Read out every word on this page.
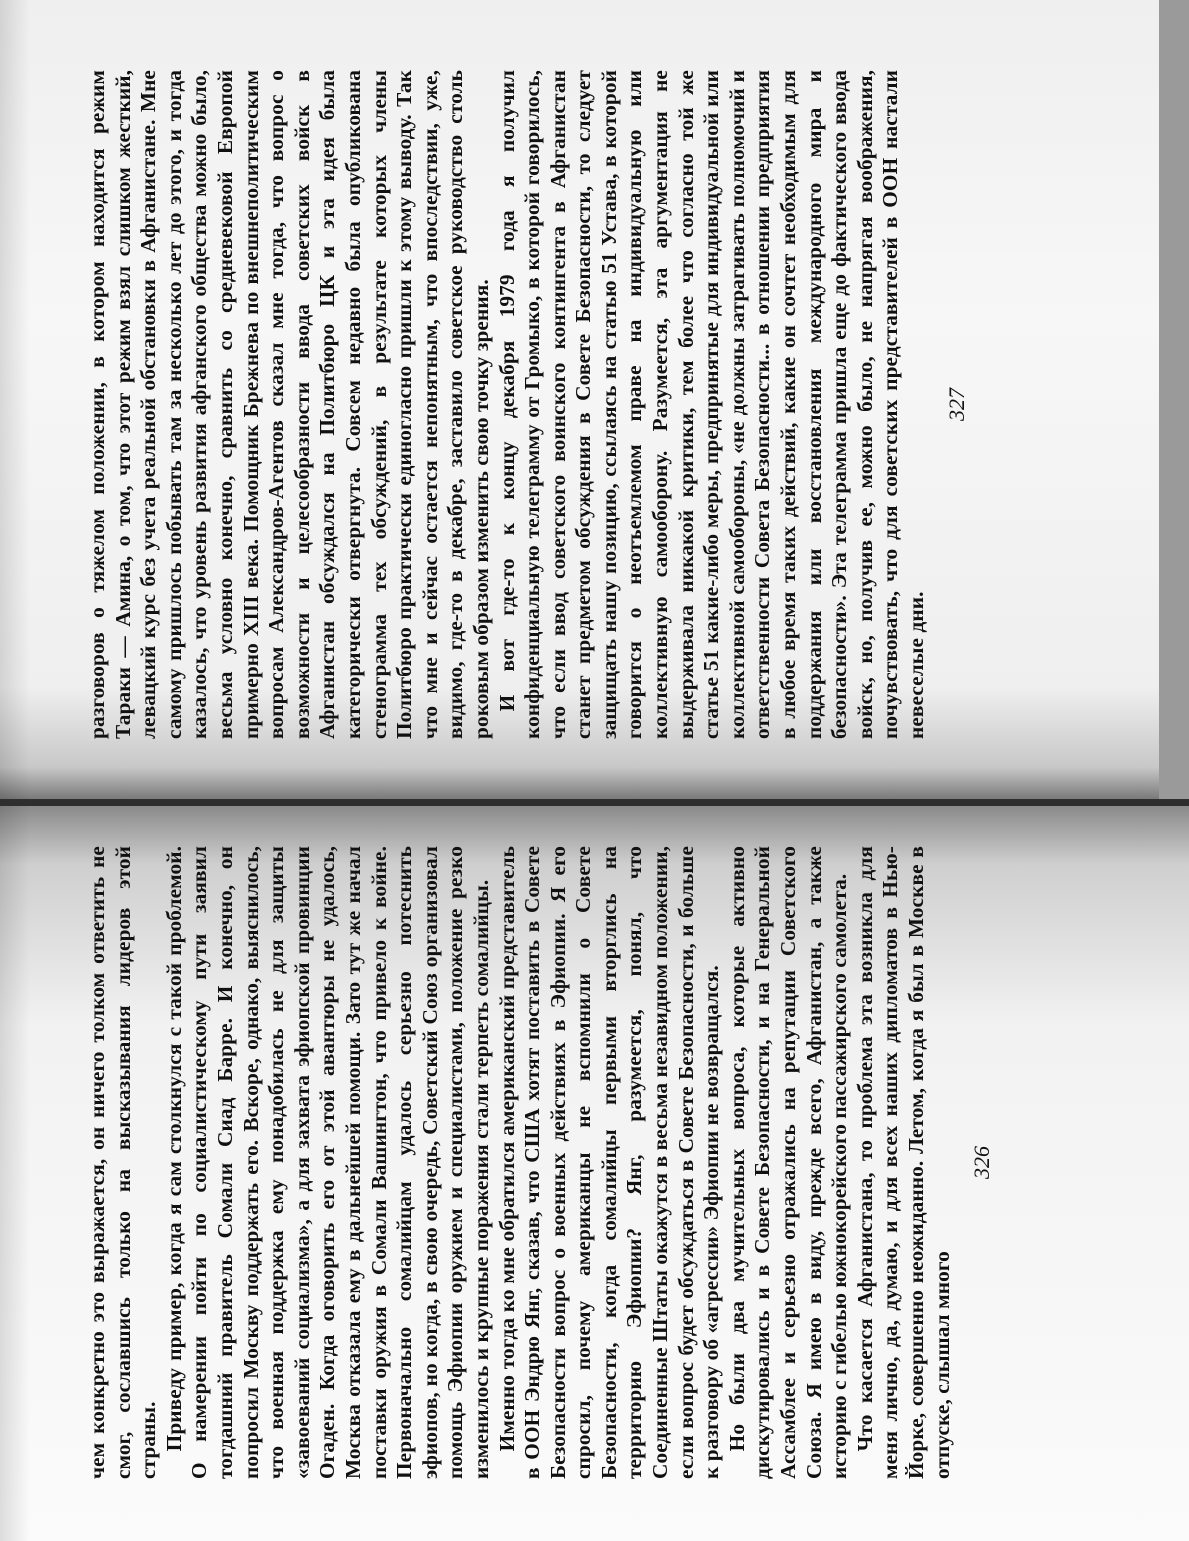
чем конкретно это выражается, он ничего толком ответить не смог, сославшись только на высказывания лидеров этой страны. Приведу пример, когда я сам столкнулся с такой проблемой. О намерении пойти по социалистическому пути заявил тогдашний правитель Сомали Сиад Барре. И конечно, он попросил Москву поддержать его. Вскоре, однако, выяснилось, что военная поддержка ему понадобилась не для защиты «завоеваний социализма», а для захвата эфиопской провинции Огаден. Когда оговорить его от этой авантюры не удалось, Москва отказала ему в дальнейшей помощи. Зато тут же начал поставки оружия в Сомали Вашингтон, что привело к войне. Первоначально сомалийцам удалось серьезно потеснить эфиопов, но когда, в свою очередь, Советский Союз организовал помощь Эфиопии оружием и специалистами, положение резко изменилось и крупные поражения стали терпеть сомалийцы. Именно тогда ко мне обратился американский представитель в ООН Эндрю Янг, сказав, что США хотят поставить в Совете Безопасности вопрос о военных действиях в Эфиопии. Я его спросил, почему американцы не вспомнили о Совете Безопасности, когда сомалийцы первыми вторглись на территорию Эфиопии? Янг, разумеется, понял, что Соединенные Штаты окажутся в весьма незавидном положении, если вопрос будет обсуждаться в Совете Безопасности, и больше к разговору об «агрессии» Эфиопии не возвращался. Но были два мучительных вопроса, которые активно дискутировались и в Совете Безопасности, и на Генеральной Ассамблее и серьезно отражались на репутации Советского Союза. Я имею в виду, прежде всего, Афганистан, а также историю с гибелью южнокорейского пассажирского самолета. Что касается Афганистана, то проблема эта возникла для меня лично, да, думаю, и для всех наших дипломатов в Нью-Йорке, совершенно неожиданно. Летом, когда я был в Москве в отпуске, слышал много

326

разговоров о тяжелом положении, в котором находится режим Тараки — Амина, о том, что этот режим взял слишком жесткий, левацкий курс без учета реальной обстановки в Афганистане. Мне самому пришлось побывать там за несколько лет до этого, и тогда казалось, что уровень развития афганского общества можно было, весьма условно конечно, сравнить со средневековой Европой примерно XIII века. Помощник Брежнева по внешнеполитическим вопросам Александров-Агентов сказал мне тогда, что вопрос о возможности и целесообразности ввода советских войск в Афганистан обсуждался на Политбюро ЦК и эта идея была категорически отвергнута. Совсем недавно была опубликована стенограмма тех обсуждений, в результате которых члены Политбюро практически единогласно пришли к этому выводу. Так что мне и сейчас остается непонятным, что впоследствии, уже, видимо, где-то в декабре, заставило советское руководство столь роковым образом изменить свою точку зрения. И вот где-то к концу декабря 1979 года я получил конфиденциальную телеграмму от Громыко, в которой говорилось, что если ввод советского воинского контингента в Афганистан станет предметом обсуждения в Совете Безопасности, то следует защищать нашу позицию, ссылаясь на статью 51 Устава, в которой говорится о неотъемлемом праве на индивидуальную или коллективную самооборону. Разумеется, эта аргументация не выдерживала никакой критики, тем более что согласно той же статье 51 какие-либо меры, предпринятые для индивидуальной или коллективной самообороны, «не должны затрагивать полномочий и ответственности Совета Безопасности... в отношении предприятия в любое время таких действий, какие он сочтет необходимым для поддержания или восстановления международного мира и безопасности». Эта телеграмма пришла еще до фактического ввода войск, но, получив ее, можно было, не напрягая воображения, почувствовать, что для советских представителей в ООН настали невеселые дни.

327
